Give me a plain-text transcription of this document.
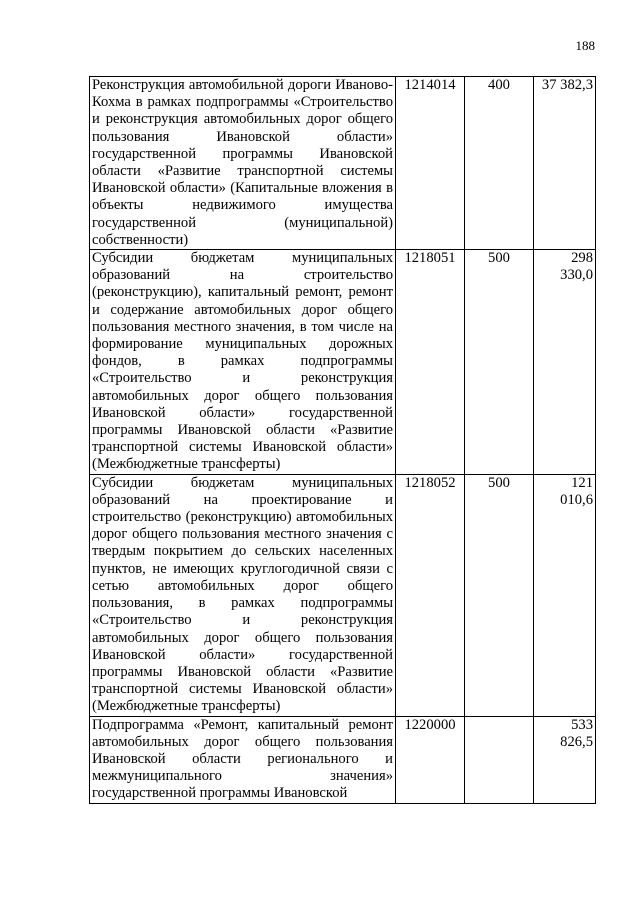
188
Реконструкция автомобильной дороги Иваново-Кохма в рамках подпрограммы «Строительство и реконструкция автомобильных дорог общего пользования Ивановской области» государственной программы Ивановской области «Развитие транспортной системы Ивановской области» (Капитальные вложения в объекты недвижимого имущества государственной (муниципальной) собственности)	1214014	400	37 382,3
Субсидии бюджетам муниципальных образований на строительство (реконструкцию), капитальный ремонт, ремонт и содержание автомобильных дорог общего пользования местного значения, в том числе на формирование муниципальных дорожных фондов, в рамках подпрограммы «Строительство и реконструкция автомобильных дорог общего пользования Ивановской области» государственной программы Ивановской области «Развитие транспортной системы Ивановской области» (Межбюджетные трансферты)	1218051	500	298 330,0
Субсидии бюджетам муниципальных образований на проектирование и строительство (реконструкцию) автомобильных дорог общего пользования местного значения с твердым покрытием до сельских населенных пунктов, не имеющих круглогодичной связи с сетью автомобильных дорог общего пользования, в рамках подпрограммы «Строительство и реконструкция автомобильных дорог общего пользования Ивановской области» государственной программы Ивановской области «Развитие транспортной системы Ивановской области» (Межбюджетные трансферты)	1218052	500	121 010,6
Подпрограмма «Ремонт, капитальный ремонт автомобильных дорог общего пользования Ивановской области регионального и межмуниципального значения» государственной программы Ивановской	1220000		533 826,5
